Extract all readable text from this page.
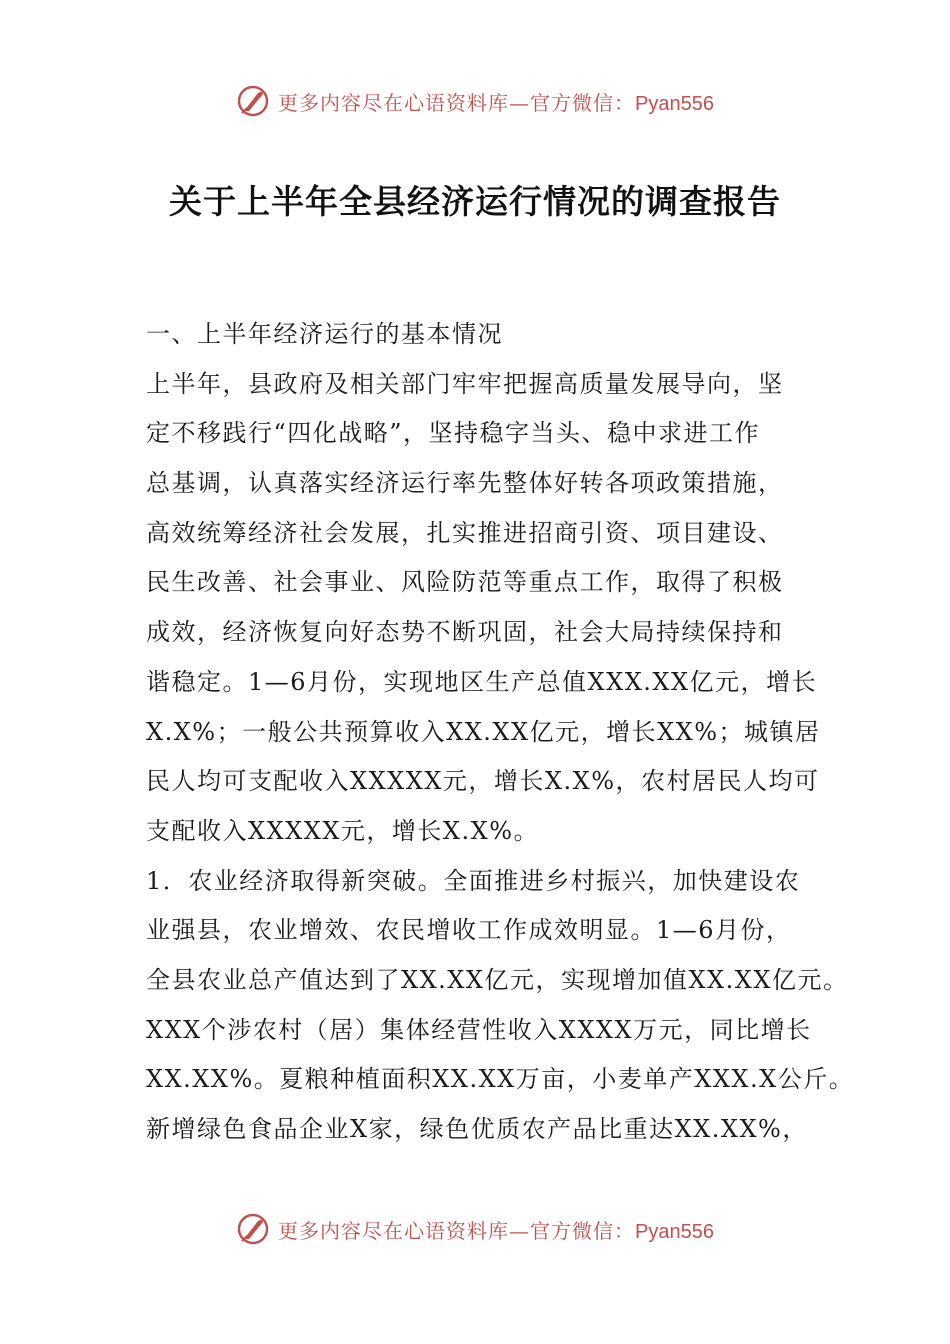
更多内容尽在心语资料库—官方微信：Pyan556
关于上半年全县经济运行情况的调查报告
一、上半年经济运行的基本情况
上半年，县政府及相关部门牢牢把握高质量发展导向，坚
定不移践行“四化战略”，坚持稳字当头、稳中求进工作
总基调，认真落实经济运行率先整体好转各项政策措施，
高效统筹经济社会发展，扎实推进招商引资、项目建设、
民生改善、社会事业、风险防范等重点工作，取得了积极
成效，经济恢复向好态势不断巩固，社会大局持续保持和
谐稳定。1—6月份，实现地区生产总值XXX.XX亿元，增长
X.X%；一般公共预算收入XX.XX亿元，增长XX%；城镇居
民人均可支配收入XXXXX元，增长X.X%，农村居民人均可
支配收入XXXXX元，增长X.X%。
1．农业经济取得新突破。全面推进乡村振兴，加快建设农
业强县，农业增效、农民增收工作成效明显。1—6月份，
全县农业总产值达到了XX.XX亿元，实现增加值XX.XX亿元。
XXX个涉农村（居）集体经营性收入XXXX万元，同比增长
XX.XX%。夏粮种植面积XX.XX万亩，小麦单产XXX.X公斤。
新增绿色食品企业X家，绿色优质农产品比重达XX.XX%，
更多内容尽在心语资料库—官方微信：Pyan556
